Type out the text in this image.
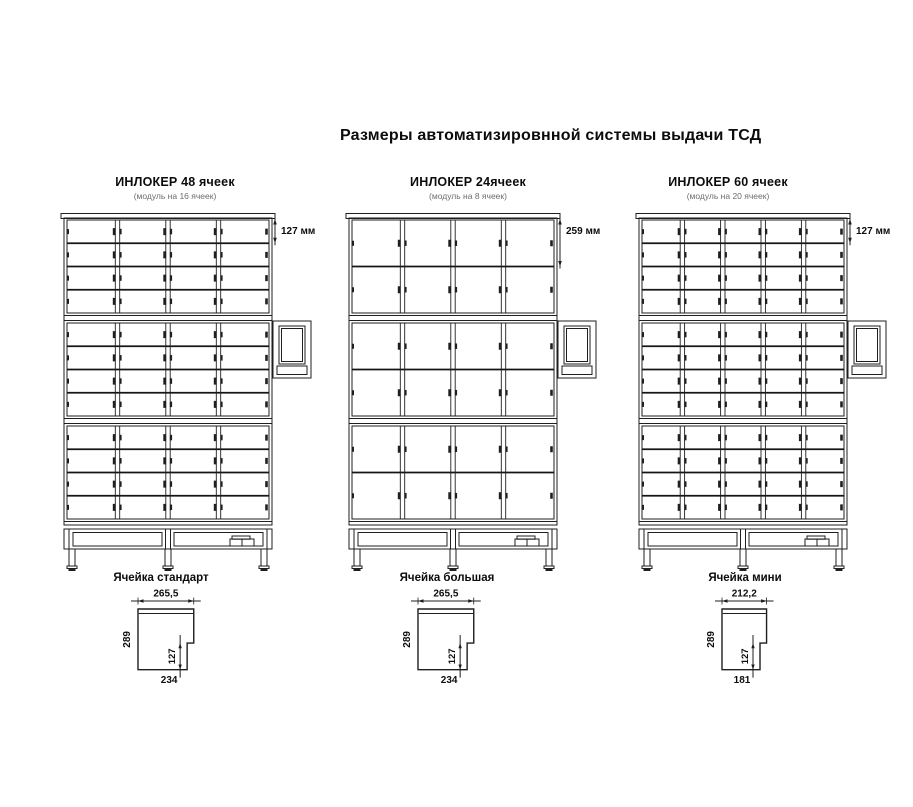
Размеры автоматизировнной системы выдачи ТСД
ИНЛОКЕР 48 ячеек
(модуль на 16 ячеек)
ИНЛОКЕР 24ячеек
(модуль на 8 ячеек)
ИНЛОКЕР 60 ячеек
(модуль на 20 ячеек)
127 мм	259 мм	127 мм
Ячейка стандарт	Ячейка большая	Ячейка мини
265,5
127
289
234
265,5
127
289
234
212,2
127
289
181
